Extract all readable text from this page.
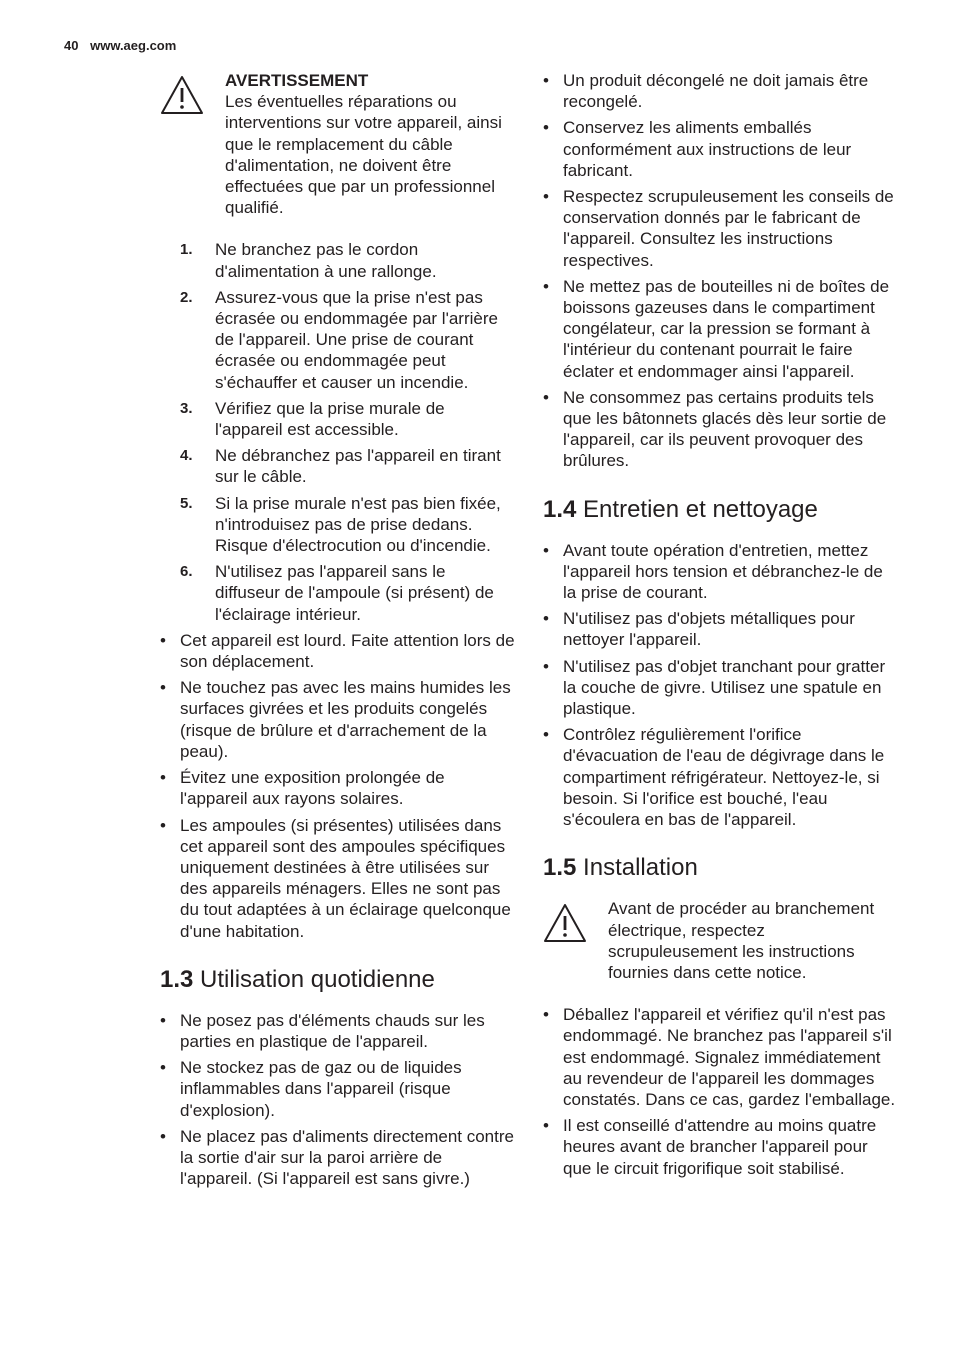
40 www.aeg.com
AVERTISSEMENT
Les éventuelles réparations ou interventions sur votre appareil, ainsi que le remplacement du câble d'alimentation, ne doivent être effectuées que par un professionnel qualifié.
1.	Ne branchez pas le cordon d'alimentation à une rallonge.
2.	Assurez-vous que la prise n'est pas écrasée ou endommagée par l'arrière de l'appareil. Une prise de courant écrasée ou endommagée peut s'échauffer et causer un incendie.
3.	Vérifiez que la prise murale de l'appareil est accessible.
4.	Ne débranchez pas l'appareil en tirant sur le câble.
5.	Si la prise murale n'est pas bien fixée, n'introduisez pas de prise dedans. Risque d'électrocution ou d'incendie.
6.	N'utilisez pas l'appareil sans le diffuseur de l'ampoule (si présent) de l'éclairage intérieur.
• Cet appareil est lourd. Faite attention lors de son déplacement.
• Ne touchez pas avec les mains humides les surfaces givrées et les produits congelés (risque de brûlure et d'arrachement de la peau).
• Évitez une exposition prolongée de l'appareil aux rayons solaires.
• Les ampoules (si présentes) utilisées dans cet appareil sont des ampoules spécifiques uniquement destinées à être utilisées sur des appareils ménagers. Elles ne sont pas du tout adaptées à un éclairage quelconque d'une habitation.
1.3 Utilisation quotidienne
• Ne posez pas d'éléments chauds sur les parties en plastique de l'appareil.
• Ne stockez pas de gaz ou de liquides inflammables dans l'appareil (risque d'explosion).
• Ne placez pas d'aliments directement contre la sortie d'air sur la paroi arrière de l'appareil. (Si l'appareil est sans givre.)
• Un produit décongelé ne doit jamais être recongelé.
• Conservez les aliments emballés conformément aux instructions de leur fabricant.
• Respectez scrupuleusement les conseils de conservation donnés par le fabricant de l'appareil. Consultez les instructions respectives.
• Ne mettez pas de bouteilles ni de boîtes de boissons gazeuses dans le compartiment congélateur, car la pression se formant à l'intérieur du contenant pourrait le faire éclater et endommager ainsi l'appareil.
• Ne consommez pas certains produits tels que les bâtonnets glacés dès leur sortie de l'appareil, car ils peuvent provoquer des brûlures.
1.4 Entretien et nettoyage
• Avant toute opération d'entretien, mettez l'appareil hors tension et débranchez-le de la prise de courant.
• N'utilisez pas d'objets métalliques pour nettoyer l'appareil.
• N'utilisez pas d'objet tranchant pour gratter la couche de givre. Utilisez une spatule en plastique.
• Contrôlez régulièrement l'orifice d'évacuation de l'eau de dégivrage dans le compartiment réfrigérateur. Nettoyez-le, si besoin. Si l'orifice est bouché, l'eau s'écoulera en bas de l'appareil.
1.5 Installation
Avant de procéder au branchement électrique, respectez scrupuleusement les instructions fournies dans cette notice.
• Déballez l'appareil et vérifiez qu'il n'est pas endommagé. Ne branchez pas l'appareil s'il est endommagé. Signalez immédiatement au revendeur de l'appareil les dommages constatés. Dans ce cas, gardez l'emballage.
• Il est conseillé d'attendre au moins quatre heures avant de brancher l'appareil pour que le circuit frigorifique soit stabilisé.
